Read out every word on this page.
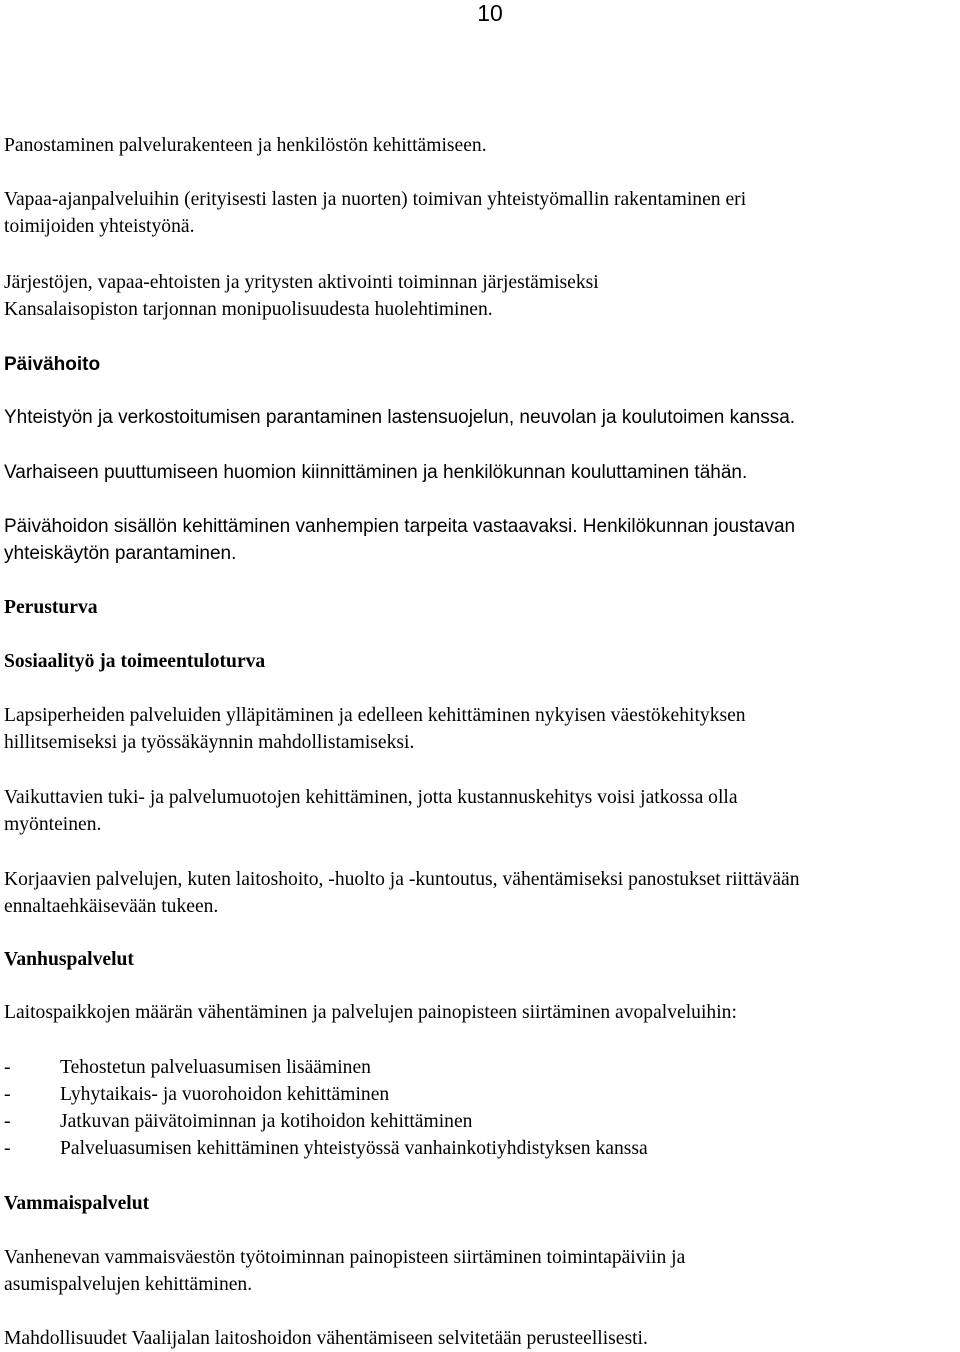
10

Panostaminen palvelurakenteen ja henkilöstön kehittämiseen.

Vapaa-ajanpalveluihin (erityisesti lasten ja nuorten) toimivan yhteistyömallin rakentaminen eri

toimijoiden yhteistyönä.

Järjestöjen, vapaa-ehtoisten ja yritysten aktivointi toiminnan järjestämiseksi

Kansalaisopiston tarjonnan monipuolisuudesta huolehtiminen.

Päivähoito

Yhteistyön ja verkostoitumisen parantaminen lastensuojelun, neuvolan ja koulutoimen kanssa.

Varhaiseen puuttumiseen huomion kiinnittäminen ja henkilökunnan kouluttaminen tähän.

Päivähoidon sisällön kehittäminen vanhempien tarpeita vastaavaksi. Henkilökunnan joustavan

yhteiskäytön parantaminen.

Perusturva

Sosiaalityö ja toimeentuloturva

Lapsiperheiden palveluiden ylläpitäminen ja edelleen kehittäminen nykyisen väestökehityksen

hillitsemiseksi ja työssäkäynnin mahdollistamiseksi.

Vaikuttavien tuki- ja palvelumuotojen kehittäminen, jotta kustannuskehitys voisi jatkossa olla

myönteinen.

Korjaavien palvelujen, kuten laitoshoito, -huolto ja -kuntoutus, vähentämiseksi panostukset riittävään

ennaltaehkäisevään tukeen.

Vanhuspalvelut

Laitospaikkojen määrän vähentäminen ja palvelujen painopisteen siirtäminen avopalveluihin:

-	Tehostetun palveluasumisen lisääminen
-	Lyhytaikais- ja vuorohoidon kehittäminen
-	Jatkuvan päivätoiminnan ja kotihoidon kehittäminen
-	Palveluasumisen kehittäminen yhteistyössä vanhainkotiyhdistyksen kanssa

Vammaispalvelut

Vanhenevan vammaisväestön työtoiminnan painopisteen siirtäminen toimintapäiviin ja

asumispalvelujen kehittäminen.

Mahdollisuudet Vaalijalan laitoshoidon vähentämiseen selvitetään perusteellisesti.
